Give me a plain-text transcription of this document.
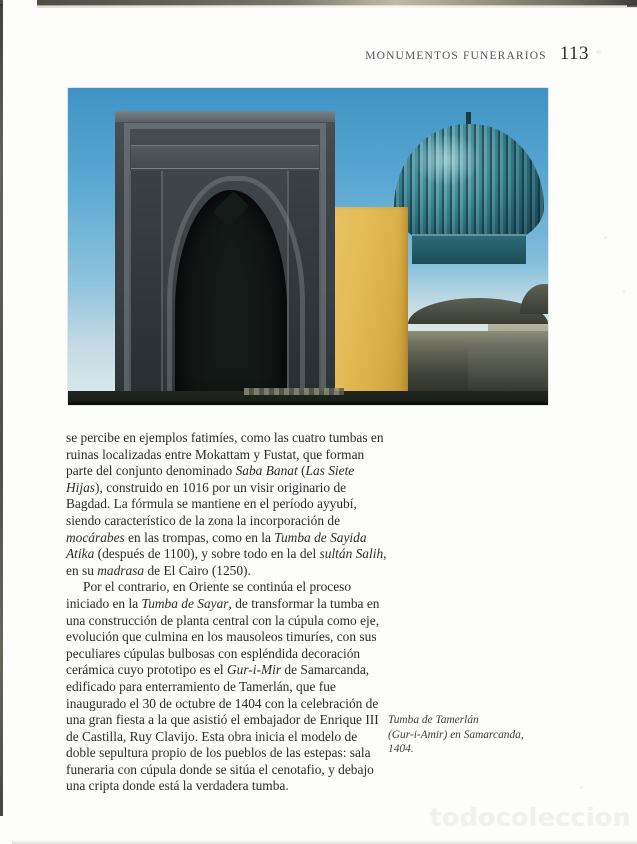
MONUMENTOS FUNERARIOS 113

se percibe en ejemplos fatimíes, como las cuatro tumbas en ruinas localizadas entre Mokattam y Fustat, que forman parte del conjunto denominado Saba Banat (Las Siete Hijas), construido en 1016 por un visir originario de Bagdad. La fórmula se mantiene en el período ayyubí, siendo característico de la zona la incorporación de mocárabes en las trompas, como en la Tumba de Sayida Atika (después de 1100), y sobre todo en la del sultán Salih, en su madrasa de El Cairo (1250).

Por el contrario, en Oriente se continúa el proceso iniciado en la Tumba de Sayar, de transformar la tumba en una construcción de planta central con la cúpula como eje, evolución que culmina en los mausoleos timuríes, con sus peculiares cúpulas bulbosas con espléndida decoración cerámica cuyo prototipo es el Gur-i-Mir de Samarcanda, edificado para enterramiento de Tamerlán, que fue inaugurado el 30 de octubre de 1404 con la celebración de una gran fiesta a la que asistió el embajador de Enrique III de Castilla, Ruy Clavijo. Esta obra inicia el modelo de doble sepultura propio de los pueblos de las estepas: sala funeraria con cúpula donde se sitúa el cenotafio, y debajo una cripta donde está la verdadera tumba.

Tumba de Tamerlán
(Gur-i-Amir) en Samarcanda,
1404.
todocoleccion
